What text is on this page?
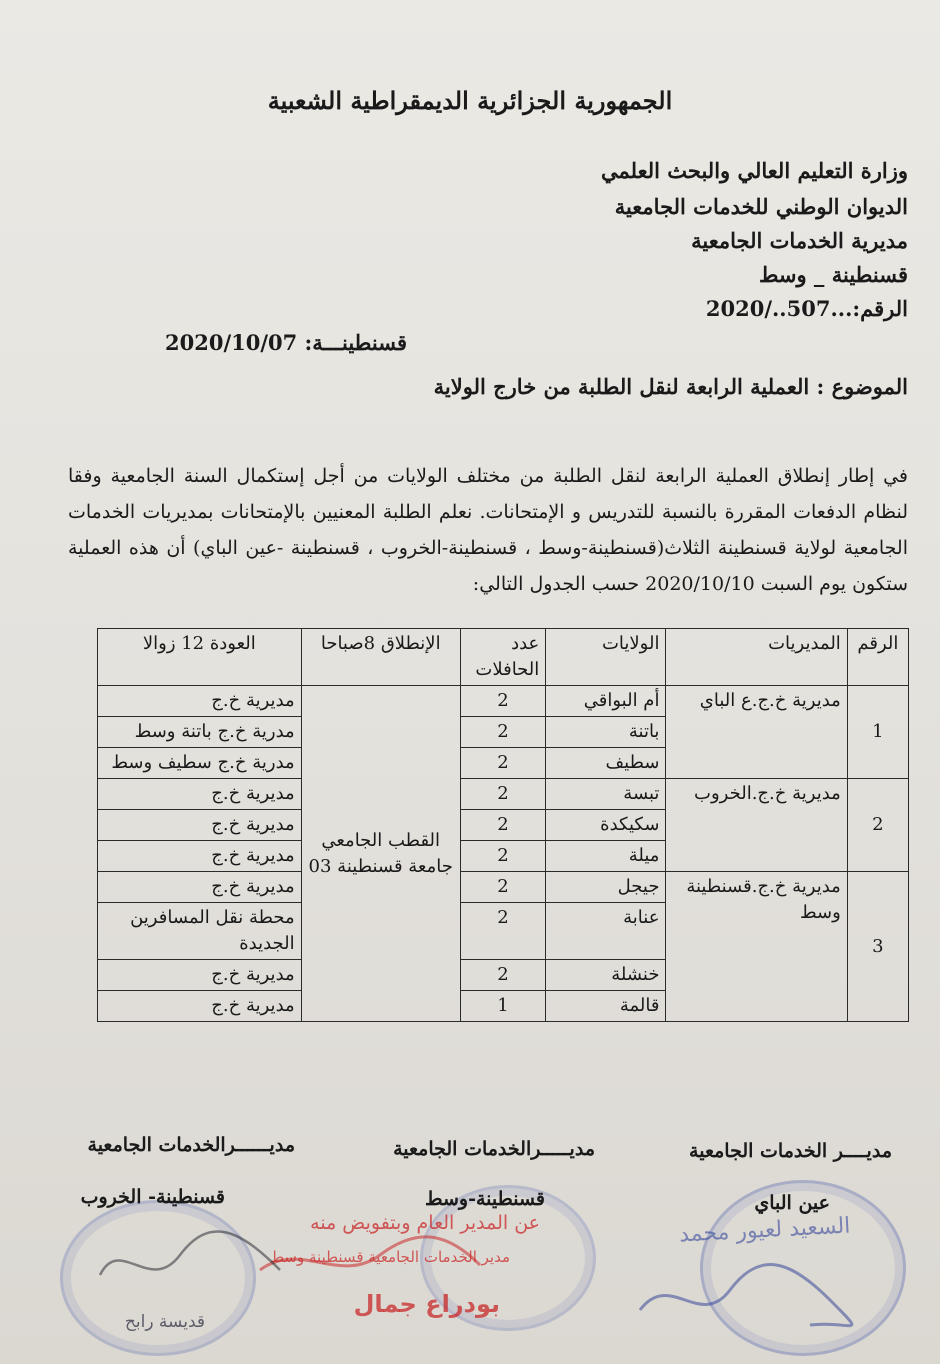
الجمهورية الجزائرية الديمقراطية الشعبية
وزارة التعليم العالي والبحث العلمي
الديوان الوطني للخدمات الجامعية
مديرية الخدمات الجامعية
قسنطينة _ وسط
الرقم:...507../2020
قسنطينـــة: 2020/10/07
الموضوع : العملية الرابعة لنقل الطلبة من خارج الولاية
في إطار إنطلاق العملية الرابعة لنقل الطلبة من مختلف الولايات من أجل إستكمال السنة الجامعية وفقا لنظام الدفعات المقررة بالنسبة للتدريس و الإمتحانات. نعلم الطلبة المعنيين بالإمتحانات بمديريات الخدمات الجامعية لولاية قسنطينة الثلاث(قسنطينة-وسط ، قسنطينة-الخروب ، قسنطينة -عين الباي) أن هذه العملية ستكون يوم السبت 2020/10/10 حسب الجدول التالي:
الرقم	المديريات	الولايات	عدد الحافلات	الإنطلاق 8صباحا	العودة 12 زوالا
1	مديرية خ.ج.ع الباي	أم البواقي	2	القطب الجامعي جامعة قسنطينة 03	مديرية خ.ج
		باتنة	2		مدرية خ.ج باتنة وسط
		سطيف	2		مدرية خ.ج سطيف وسط
2	مديرية خ.ج.الخروب	تبسة	2		مديرية خ.ج
		سكيكدة	2		مديرية خ.ج
		ميلة	2		مديرية خ.ج
3	مديرية خ.ج.قسنطينة وسط	جيجل	2		مديرية خ.ج
		عنابة	2		محطة نقل المسافرين الجديدة
		خنشلة	2		مديرية خ.ج
		قالمة	1		مديرية خ.ج
مديــــر الخدمات الجامعية
عين الباي
مديـــــرالخدمات الجامعية
قسنطينة-وسط
مديــــــرالخدمات الجامعية
قسنطينة- الخروب
السعيد لعيور محمد
عن المدير العام وبتفويض منه
مدير الخدمات الجامعية قسنطينة وسط
بودراع جمال
قديسة رابح
